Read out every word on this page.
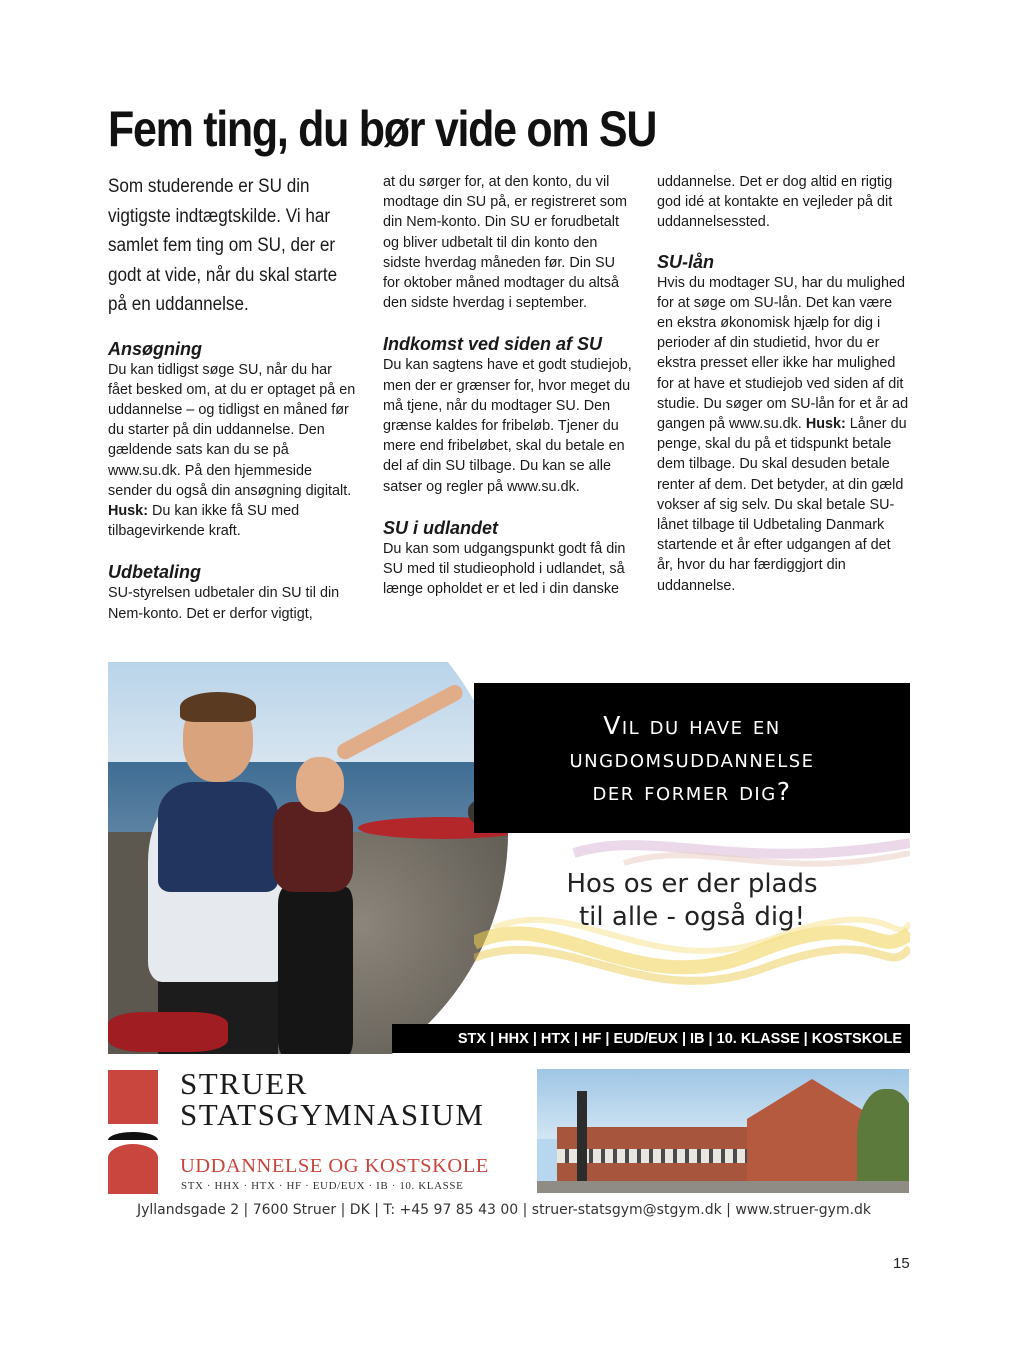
Fem ting, du bør vide om SU

Som studerende er SU din vigtigste indtægtskilde. Vi har samlet fem ting om SU, der er godt at vide, når du skal starte på en uddannelse.

Ansøgning

Du kan tidligst søge SU, når du har fået besked om, at du er optaget på en uddannelse – og tidligst en måned før du starter på din uddannelse. Den gældende sats kan du se på www.su.dk. På den hjemmeside sender du også din ansøgning digitalt. Husk: Du kan ikke få SU med tilbagevirkende kraft.

Udbetaling

SU-styrelsen udbetaler din SU til din Nem-konto. Det er derfor vigtigt,

at du sørger for, at den konto, du vil modtage din SU på, er registreret som din Nem-konto. Din SU er forudbetalt og bliver udbetalt til din konto den sidste hverdag måneden før. Din SU for oktober måned modtager du altså den sidste hverdag i september.

Indkomst ved siden af SU

Du kan sagtens have et godt studiejob, men der er grænser for, hvor meget du må tjene, når du modtager SU. Den grænse kaldes for fribeløb. Tjener du mere end fribeløbet, skal du betale en del af din SU tilbage. Du kan se alle satser og regler på www.su.dk.

SU i udlandet

Du kan som udgangspunkt godt få din SU med til studieophold i udlandet, så længe opholdet er et led i din danske

uddannelse. Det er dog altid en rigtig god idé at kontakte en vejleder på dit uddannelsessted.

SU-lån

Hvis du modtager SU, har du mulighed for at søge om SU-lån. Det kan være en ekstra økonomisk hjælp for dig i perioder af din studietid, hvor du er ekstra presset eller ikke har mulighed for at have et studiejob ved siden af dit studie. Du søger om SU-lån for et år ad gangen på www.su.dk. Husk: Låner du penge, skal du på et tidspunkt betale dem tilbage. Du skal desuden betale renter af dem. Det betyder, at din gæld vokser af sig selv. Du skal betale SU-lånet tilbage til Udbetaling Danmark startende et år efter udgangen af det år, hvor du har færdiggjort din uddannelse.

Vil du have en
ungdomsuddannelse
der former dig?
Hos os er der plads
til alle - også dig!
STX | HHX | HTX | HF | EUD/EUX | IB | 10. KLASSE | KOSTSKOLE
STRUER
STATSGYMNASIUM
UDDANNELSE OG KOSTSKOLE
STX · HHX · HTX · HF · EUD/EUX · IB · 10. KLASSE
Jyllandsgade 2 | 7600 Struer | DK | T: +45 97 85 43 00 | struer-statsgym@stgym.dk | www.struer-gym.dk
15
